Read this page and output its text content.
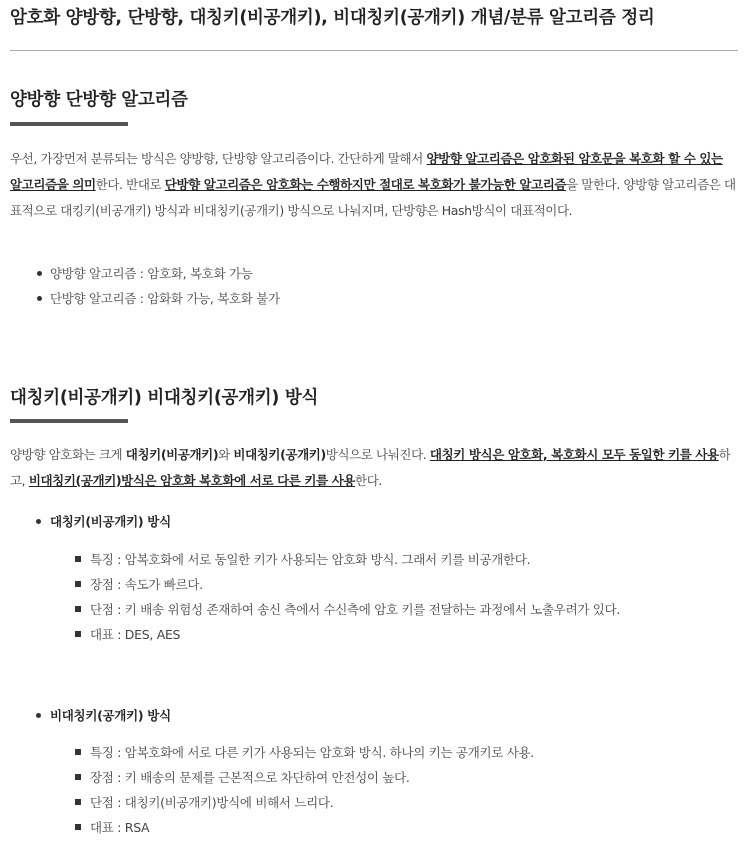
암호화 양방향, 단방향, 대칭키(비공개키), 비대칭키(공개키) 개념/분류 알고리즘 정리
양방향 단방향 알고리즘

우선, 가장먼저 분류되는 방식은 양방향, 단방향 알고리즘이다. 간단하게 말해서 양방향 알고리즘은 암호화된 암호문을 복호화 할 수 있는 알고리즘을 의미한다. 반대로 단방향 알고리즘은 암호화는 수행하지만 절대로 복호화가 불가능한 알고리즘을 말한다. 양방향 알고리즘은 대표적으로 대킹키(비공개키) 방식과 비대칭키(공개키) 방식으로 나눠지며, 단방향은 Hash방식이 대표적이다.

양방향 알고리즘 : 암호화, 복호화 가능
단방향 알고리즘 : 암화화 가능, 복호화 불가
대칭키(비공개키) 비대칭키(공개키) 방식

양방향 암호화는 크게 대칭키(비공개키)와 비대칭키(공개키)방식으로 나눠진다. 대칭키 방식은 암호화, 복호화시 모두 동일한 키를 사용하고, 비대칭키(공개키)방식은 암호화 복호화에 서로 다른 키를 사용한다.

대칭키(비공개키) 방식
특징 : 암복호화에 서로 동일한 키가 사용되는 암호화 방식. 그래서 키를 비공개한다.
장점 : 속도가 빠르다.
단점 : 키 배송 위험성 존재하여 송신 측에서 수신측에 암호 키를 전달하는 과정에서 노출우려가 있다.
대표 : DES, AES
비대칭키(공개키) 방식
특징 : 암복호화에 서로 다른 키가 사용되는 암호화 방식. 하나의 키는 공개키로 사용.
장점 : 키 배송의 문제를 근본적으로 차단하여 안전성이 높다.
단점 : 대칭키(비공개키)방식에 비해서 느리다.
대표 : RSA
